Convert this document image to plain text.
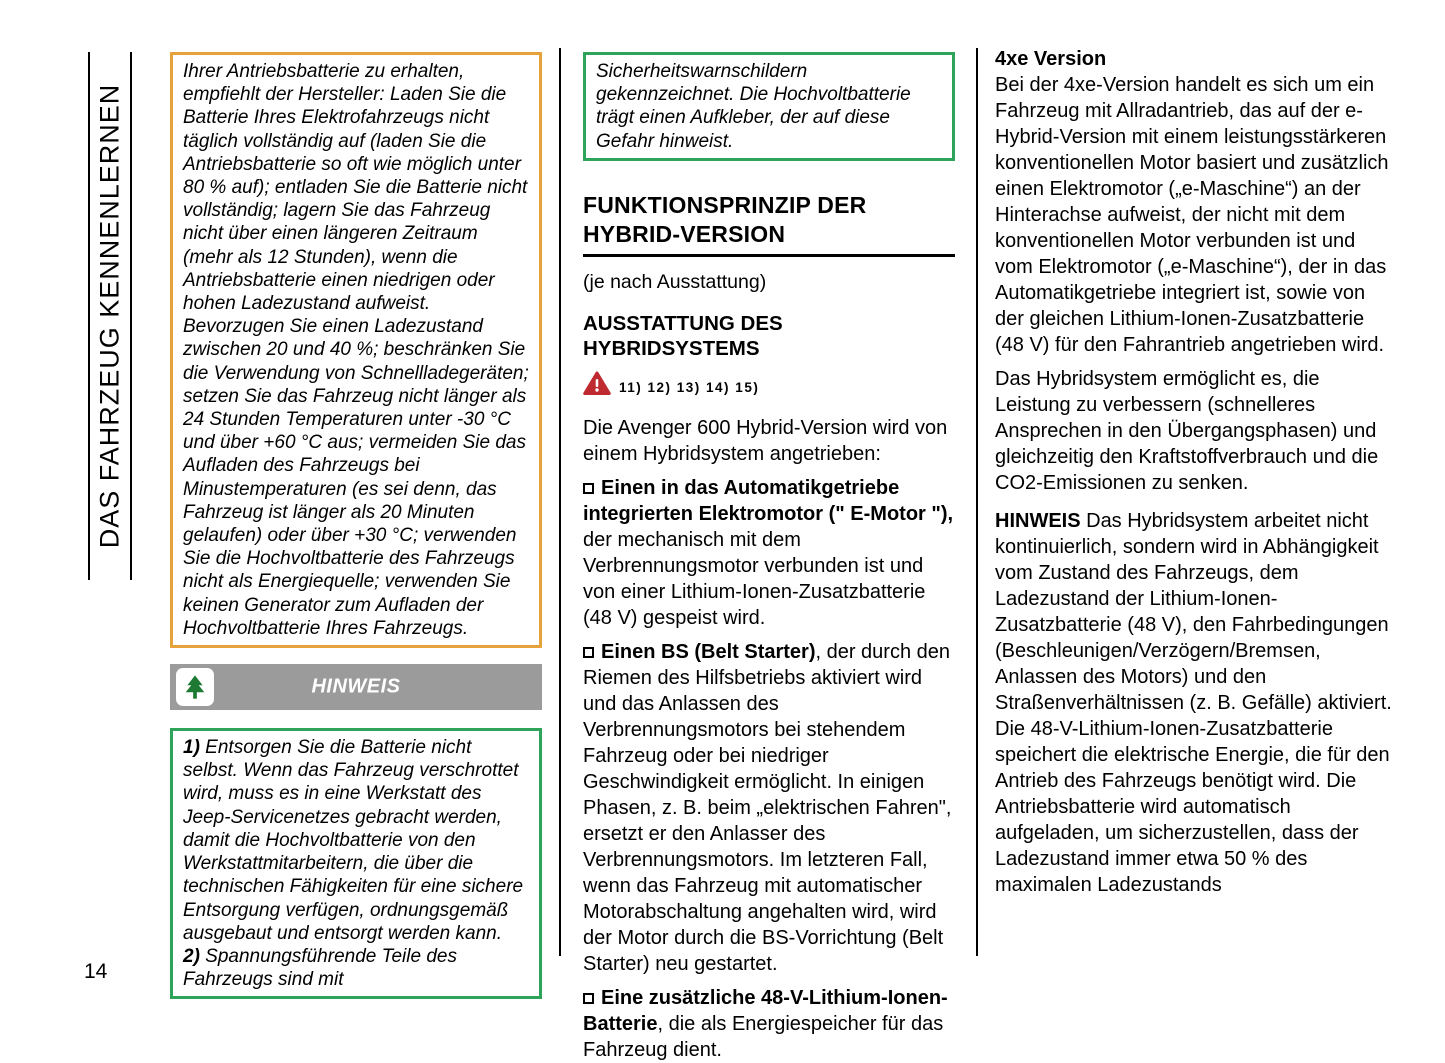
DAS FAHRZEUG KENNENLERNEN

Ihrer Antriebsbatterie zu erhalten, empfiehlt der Hersteller: Laden Sie die Batterie Ihres Elektrofahrzeugs nicht täglich vollständig auf (laden Sie die Antriebsbatterie so oft wie möglich unter 80 % auf); entladen Sie die Batterie nicht vollständig; lagern Sie das Fahrzeug nicht über einen längeren Zeitraum (mehr als 12 Stunden), wenn die Antriebsbatterie einen niedrigen oder hohen Ladezustand aufweist. Bevorzugen Sie einen Ladezustand zwischen 20 und 40 %; beschränken Sie die Verwendung von Schnellladegeräten; setzen Sie das Fahrzeug nicht länger als 24 Stunden Temperaturen unter -30 °C und über +60 °C aus; vermeiden Sie das Aufladen des Fahrzeugs bei Minustemperaturen (es sei denn, das Fahrzeug ist länger als 20 Minuten gelaufen) oder über +30 °C; verwenden Sie die Hochvoltbatterie des Fahrzeugs nicht als Energiequelle; verwenden Sie keinen Generator zum Aufladen der Hochvoltbatterie Ihres Fahrzeugs.

HINWEIS

1) Entsorgen Sie die Batterie nicht selbst. Wenn das Fahrzeug verschrottet wird, muss es in eine Werkstatt des Jeep-Servicenetzes gebracht werden, damit die Hochvoltbatterie von den Werkstattmitarbeitern, die über die technischen Fähigkeiten für eine sichere Entsorgung verfügen, ordnungsgemäß ausgebaut und entsorgt werden kann.

2) Spannungsführende Teile des Fahrzeugs sind mit

Sicherheitswarnschildern gekennzeichnet. Die Hochvoltbatterie trägt einen Aufkleber, der auf diese Gefahr hinweist.

FUNKTIONSPRINZIP DER HYBRID-VERSION

(je nach Ausstattung)

AUSSTATTUNG DES HYBRIDSYSTEMS
11) 12) 13) 14) 15)

Die Avenger 600 Hybrid-Version wird von einem Hybridsystem angetrieben:

Einen in das Automatikgetriebe integrierten Elektromotor (" E-Motor "), der mechanisch mit dem Verbrennungsmotor verbunden ist und von einer Lithium-Ionen-Zusatzbatterie (48 V) gespeist wird.

Einen BS (Belt Starter), der durch den Riemen des Hilfsbetriebs aktiviert wird und das Anlassen des Verbrennungsmotors bei stehendem Fahrzeug oder bei niedriger Geschwindigkeit ermöglicht. In einigen Phasen, z. B. beim „elektrischen Fahren", ersetzt er den Anlasser des Verbrennungsmotors. Im letzteren Fall, wenn das Fahrzeug mit automatischer Motorabschaltung angehalten wird, wird der Motor durch die BS-Vorrichtung (Belt Starter) neu gestartet.

Eine zusätzliche 48-V-Lithium-Ionen-Batterie, die als Energiespeicher für das Fahrzeug dient.

4xe Version

Bei der 4xe-Version handelt es sich um ein Fahrzeug mit Allradantrieb, das auf der e-Hybrid-Version mit einem leistungsstärkeren konventionellen Motor basiert und zusätzlich einen Elektromotor („e-Maschine“) an der Hinterachse aufweist, der nicht mit dem konventionellen Motor verbunden ist und vom Elektromotor („e-Maschine“), der in das Automatikgetriebe integriert ist, sowie von der gleichen Lithium-Ionen-Zusatzbatterie (48 V) für den Fahrantrieb angetrieben wird.

Das Hybridsystem ermöglicht es, die Leistung zu verbessern (schnelleres Ansprechen in den Übergangsphasen) und gleichzeitig den Kraftstoffverbrauch und die CO2-Emissionen zu senken.

HINWEIS Das Hybridsystem arbeitet nicht kontinuierlich, sondern wird in Abhängigkeit vom Zustand des Fahrzeugs, dem Ladezustand der Lithium-Ionen-Zusatzbatterie (48 V), den Fahrbedingungen (Beschleunigen/Verzögern/Bremsen, Anlassen des Motors) und den Straßenverhältnissen (z. B. Gefälle) aktiviert. Die 48-V-Lithium-Ionen-Zusatzbatterie speichert die elektrische Energie, die für den Antrieb des Fahrzeugs benötigt wird. Die Antriebsbatterie wird automatisch aufgeladen, um sicherzustellen, dass der Ladezustand immer etwa 50 % des maximalen Ladezustands

14
